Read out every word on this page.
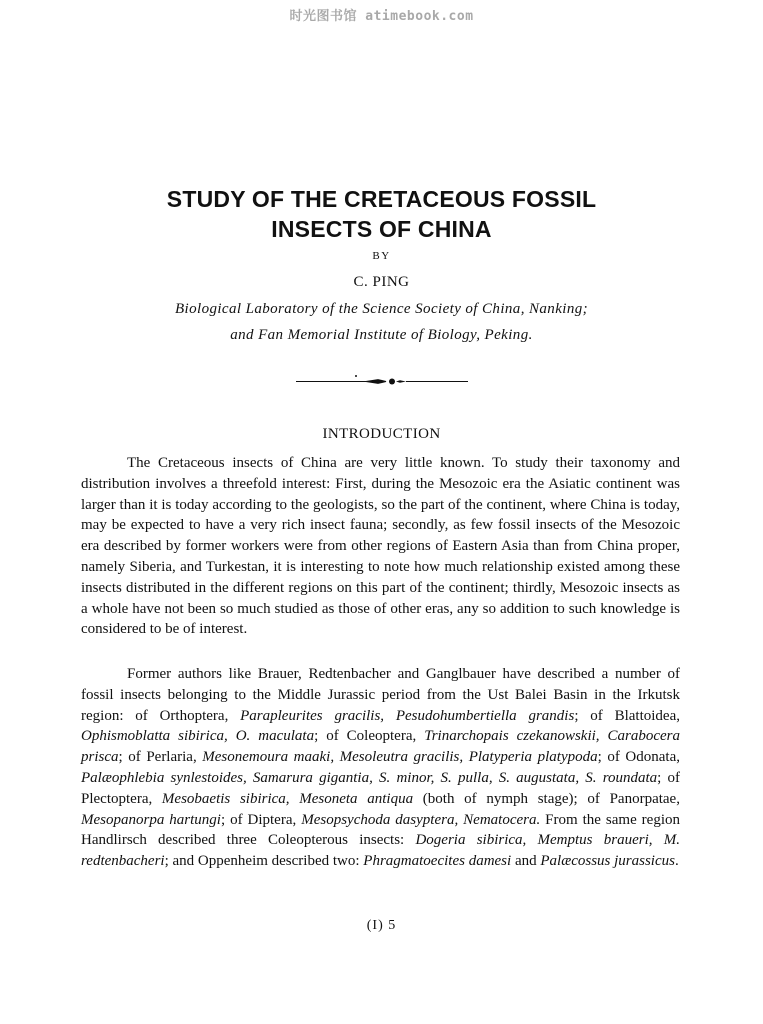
时光图书馆 atimebook.com
STUDY OF THE CRETACEOUS FOSSIL
INSECTS OF CHINA
BY
C. PING
Biological Laboratory of the Science Society of China, Nanking;
and Fan Memorial Institute of Biology, Peking.
INTRODUCTION

The Cretaceous insects of China are very little known. To study their taxonomy and distribution involves a threefold interest: First, during the Mesozoic era the Asiatic continent was larger than it is today according to the geologists, so the part of the continent, where China is today, may be expected to have a very rich insect fauna; secondly, as few fossil insects of the Mesozoic era described by former workers were from other regions of Eastern Asia than from China proper, namely Siberia, and Turkestan, it is interesting to note how much relationship existed among these insects distributed in the different regions on this part of the continent; thirdly, Mesozoic insects as a whole have not been so much studied as those of other eras, any so addition to such knowledge is considered to be of interest.

Former authors like Brauer, Redtenbacher and Ganglbauer have described a number of fossil insects belonging to the Middle Jurassic period from the Ust Balei Basin in the Irkutsk region: of Orthoptera, Parapleurites gracilis, Pesudohumbertiella grandis; of Blattoidea, Ophismoblatta sibirica, O. maculata; of Coleoptera, Trinarchopais czekanowskii, Carabocera prisca; of Perlaria, Mesonemoura maaki, Mesoleutra gracilis, Platyperia platypoda; of Odonata, Palæophlebia synlestoides, Samarura gigantia, S. minor, S. pulla, S. augustata, S. roundata; of Plectoptera, Mesobaetis sibirica, Mesoneta antiqua (both of nymph stage); of Panorpatae, Mesopanorpa hartungi; of Diptera, Mesopsychoda dasyptera, Nematocera. From the same region Handlirsch described three Coleopterous insects: Dogeria sibirica, Memptus braueri, M. redtenbacheri; and Oppenheim described two: Phragmatoecites damesi and Palæcossus jurassicus.

(I) 5
